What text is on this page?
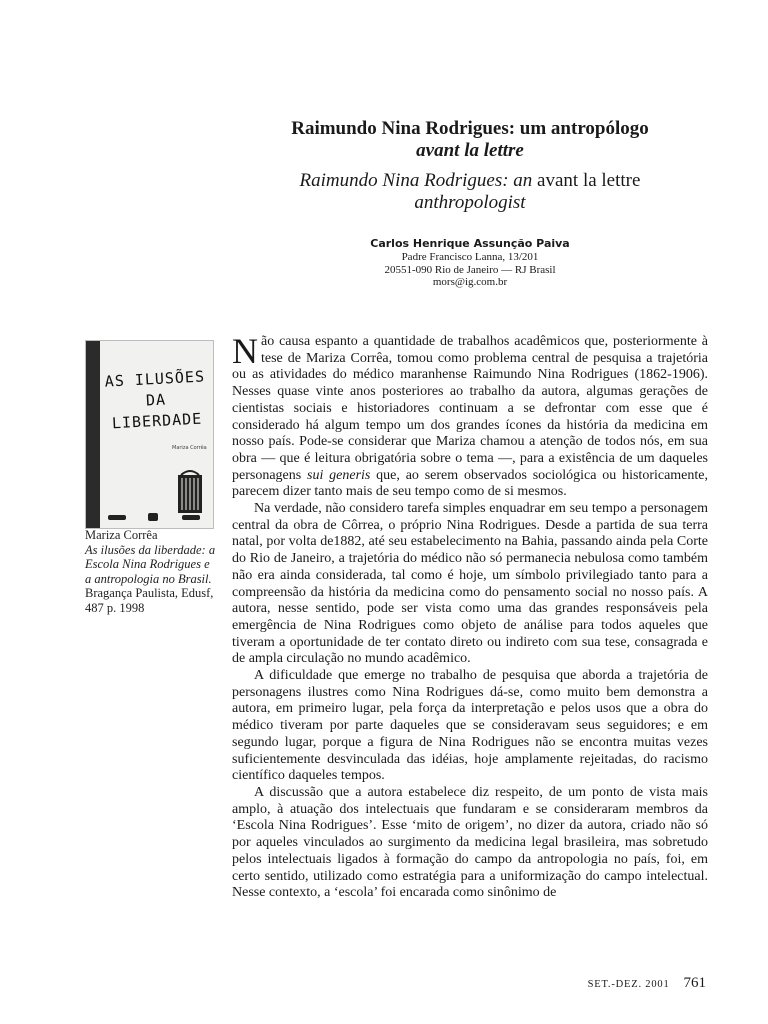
Raimundo Nina Rodrigues: um antropólogo
avant la lettre
Raimundo Nina Rodrigues: an avant la lettre
anthropologist
Carlos Henrique Assunção Paiva
Padre Francisco Lanna, 13/201
20551-090 Rio de Janeiro — RJ Brasil
mors@ig.com.br
AS ILUSÕES
DA
LIBERDADE
Mariza Corrêa
Mariza Corrêa
As ilusões da liberdade: a Escola Nina Rodrigues e a antropologia no Brasil. Bragança Paulista, Edusf, 487 p. 1998

Não causa espanto a quantidade de trabalhos acadêmicos que, posteriormente à tese de Mariza Corrêa, tomou como problema central de pesquisa a trajetória ou as atividades do médico maranhense Raimundo Nina Rodrigues (1862-1906). Nesses quase vinte anos posteriores ao trabalho da autora, algumas gerações de cientistas sociais e historiadores continuam a se defrontar com esse que é considerado há algum tempo um dos grandes ícones da história da medicina em nosso país. Pode-se considerar que Mariza chamou a atenção de todos nós, em sua obra — que é leitura obrigatória sobre o tema —, para a existência de um daqueles personagens sui generis que, ao serem observados sociológica ou historicamente, parecem dizer tanto mais de seu tempo como de si mesmos.

Na verdade, não considero tarefa simples enquadrar em seu tempo a personagem central da obra de Côrrea, o próprio Nina Rodrigues. Desde a partida de sua terra natal, por volta de1882, até seu estabelecimento na Bahia, passando ainda pela Corte do Rio de Janeiro, a trajetória do médico não só permanecia nebulosa como também não era ainda considerada, tal como é hoje, um símbolo privilegiado tanto para a compreensão da história da medicina como do pensamento social no nosso país. A autora, nesse sentido, pode ser vista como uma das grandes responsáveis pela emergência de Nina Rodrigues como objeto de análise para todos aqueles que tiveram a oportunidade de ter contato direto ou indireto com sua tese, consagrada e de ampla circulação no mundo acadêmico.

A dificuldade que emerge no trabalho de pesquisa que aborda a trajetória de personagens ilustres como Nina Rodrigues dá-se, como muito bem demonstra a autora, em primeiro lugar, pela força da interpretação e pelos usos que a obra do médico tiveram por parte daqueles que se consideravam seus seguidores; e em segundo lugar, porque a figura de Nina Rodrigues não se encontra muitas vezes suficientemente desvinculada das idéias, hoje amplamente rejeitadas, do racismo científico daqueles tempos.

A discussão que a autora estabelece diz respeito, de um ponto de vista mais amplo, à atuação dos intelectuais que fundaram e se consideraram membros da ‘Escola Nina Rodrigues’. Esse ‘mito de origem’, no dizer da autora, criado não só por aqueles vinculados ao surgimento da medicina legal brasileira, mas sobretudo pelos intelectuais ligados à formação do campo da antropologia no país, foi, em certo sentido, utilizado como estratégia para a uniformização do campo intelectual. Nesse contexto, a ‘escola’ foi encarada como sinônimo de

SET.-DEZ. 2001 761
